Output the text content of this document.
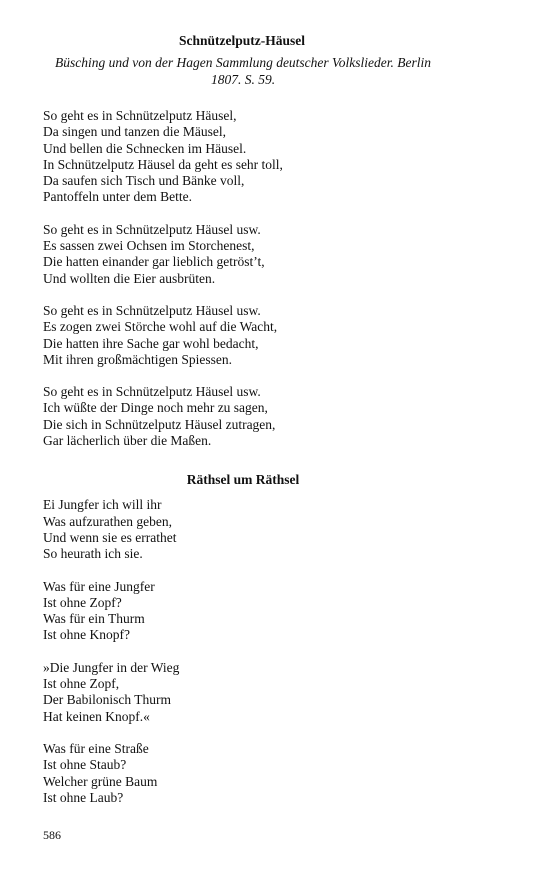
Schnützelputz-Häusel

Büsching und von der Hagen Sammlung deutscher Volkslieder. Berlin 1807. S. 59.

So geht es in Schnützelputz Häusel,
Da singen und tanzen die Mäusel,
Und bellen die Schnecken im Häusel.
In Schnützelputz Häusel da geht es sehr toll,
Da saufen sich Tisch und Bänke voll,
Pantoffeln unter dem Bette.

So geht es in Schnützelputz Häusel usw.
Es sassen zwei Ochsen im Storchenest,
Die hatten einander gar lieblich getröst’t,
Und wollten die Eier ausbrüten.

So geht es in Schnützelputz Häusel usw.
Es zogen zwei Störche wohl auf die Wacht,
Die hatten ihre Sache gar wohl bedacht,
Mit ihren großmächtigen Spiessen.

So geht es in Schnützelputz Häusel usw.
Ich wüßte der Dinge noch mehr zu sagen,
Die sich in Schnützelputz Häusel zutragen,
Gar lächerlich über die Maßen.

Räthsel um Räthsel

Ei Jungfer ich will ihr
Was aufzurathen geben,
Und wenn sie es errathet
So heurath ich sie.

Was für eine Jungfer
Ist ohne Zopf?
Was für ein Thurm
Ist ohne Knopf?

»Die Jungfer in der Wieg
Ist ohne Zopf,
Der Babilonisch Thurm
Hat keinen Knopf.«

Was für eine Straße
Ist ohne Staub?
Welcher grüne Baum
Ist ohne Laub?

586
